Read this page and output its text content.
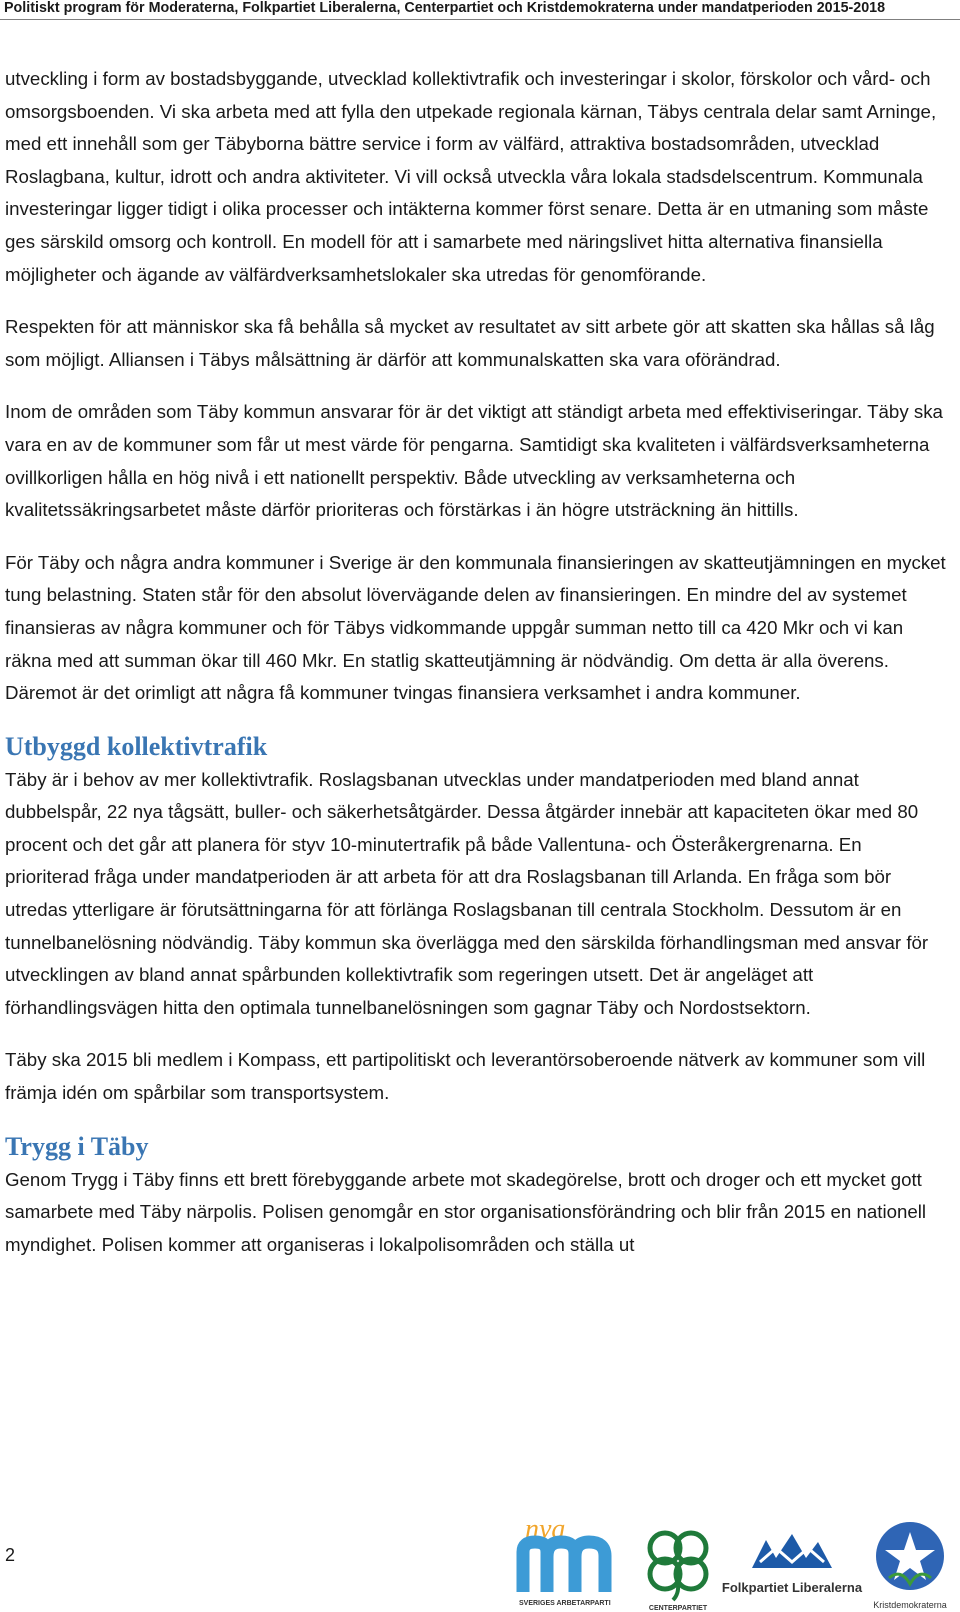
Politiskt program för Moderaterna, Folkpartiet Liberalerna, Centerpartiet och Kristdemokraterna under mandatperioden 2015-2018

utveckling i form av bostadsbyggande, utvecklad kollektivtrafik och investeringar i skolor, förskolor och vård- och omsorgsboenden. Vi ska arbeta med att fylla den utpekade regionala kärnan, Täbys centrala delar samt Arninge, med ett innehåll som ger Täbyborna bättre service i form av välfärd, attraktiva bostadsområden, utvecklad Roslagbana, kultur, idrott och andra aktiviteter. Vi vill också utveckla våra lokala stadsdelscentrum. Kommunala investeringar ligger tidigt i olika processer och intäkterna kommer först senare. Detta är en utmaning som måste ges särskild omsorg och kontroll. En modell för att i samarbete med näringslivet hitta alternativa finansiella möjligheter och ägande av välfärdverksamhetslokaler ska utredas för genomförande.

Respekten för att människor ska få behålla så mycket av resultatet av sitt arbete gör att skatten ska hållas så låg som möjligt. Alliansen i Täbys målsättning är därför att kommunalskatten ska vara oförändrad.

Inom de områden som Täby kommun ansvarar för är det viktigt att ständigt arbeta med effektiviseringar. Täby ska vara en av de kommuner som får ut mest värde för pengarna. Samtidigt ska kvaliteten i välfärdsverksamheterna ovillkorligen hålla en hög nivå i ett nationellt perspektiv. Både utveckling av verksamheterna och kvalitetssäkringsarbetet måste därför prioriteras och förstärkas i än högre utsträckning än hittills.

För Täby och några andra kommuner i Sverige är den kommunala finansieringen av skatteutjämningen en mycket tung belastning. Staten står för den absolut lövervägande delen av finansieringen. En mindre del av systemet finansieras av några kommuner och för Täbys vidkommande uppgår summan netto till ca 420 Mkr och vi kan räkna med att summan ökar till 460 Mkr. En statlig skatteutjämning är nödvändig. Om detta är alla överens. Däremot är det orimligt att några få kommuner tvingas finansiera verksamhet i andra kommuner.

Utbyggd kollektivtrafik

Täby är i behov av mer kollektivtrafik. Roslagsbanan utvecklas under mandatperioden med bland annat dubbelspår, 22 nya tågsätt, buller- och säkerhetsåtgärder. Dessa åtgärder innebär att kapaciteten ökar med 80 procent och det går att planera för styv 10-minutertrafik på både Vallentuna- och Österåkergrenarna. En prioriterad fråga under mandatperioden är att arbeta för att dra Roslagsbanan till Arlanda. En fråga som bör utredas ytterligare är förutsättningarna för att förlänga Roslagsbanan till centrala Stockholm. Dessutom är en tunnelbanelösning nödvändig. Täby kommun ska överlägga med den särskilda förhandlingsman med ansvar för utvecklingen av bland annat spårbunden kollektivtrafik som regeringen utsett. Det är angeläget att förhandlingsvägen hitta den optimala tunnelbanelösningen som gagnar Täby och Nordostsektorn.

Täby ska 2015 bli medlem i Kompass, ett partipolitiskt och leverantörsoberoende nätverk av kommuner som vill främja idén om spårbilar som transportsystem.

Trygg i Täby

Genom Trygg i Täby finns ett brett förebyggande arbete mot skadegörelse, brott och droger och ett mycket gott samarbete med Täby närpolis. Polisen genomgår en stor organisationsförändring och blir från 2015 en nationell myndighet. Polisen kommer att organiseras i lokalpolisområden och ställa ut

2
nya
SVERIGES ARBETARPARTI
CENTERPARTIET
Folkpartiet Liberalerna
Kristdemokraterna
